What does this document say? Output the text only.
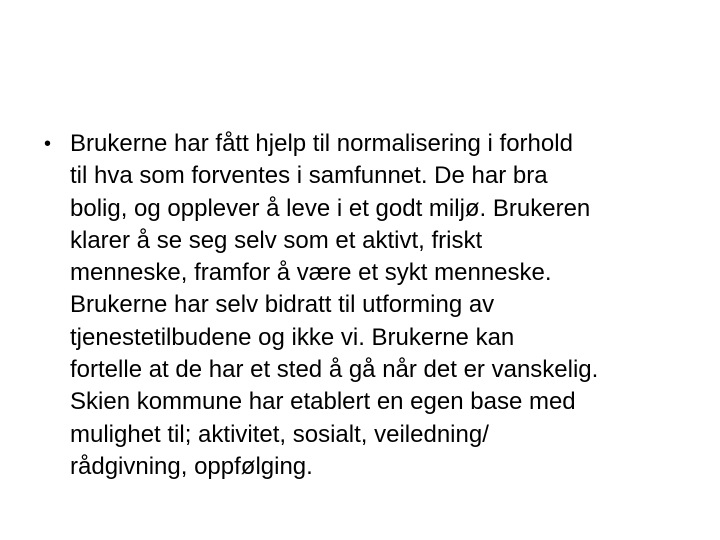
• Brukerne har fått hjelp til normalisering i forhold
til hva som forventes i samfunnet. De har bra
bolig, og opplever å leve i et godt miljø. Brukeren
klarer å se seg selv som et aktivt, friskt
menneske, framfor å være et sykt menneske.
Brukerne har selv bidratt til utforming av
tjenestetilbudene og ikke vi. Brukerne kan
fortelle at de har et sted å gå når det er vanskelig.
Skien kommune har etablert en egen base med
mulighet til; aktivitet, sosialt, veiledning/
rådgivning, oppfølging.
